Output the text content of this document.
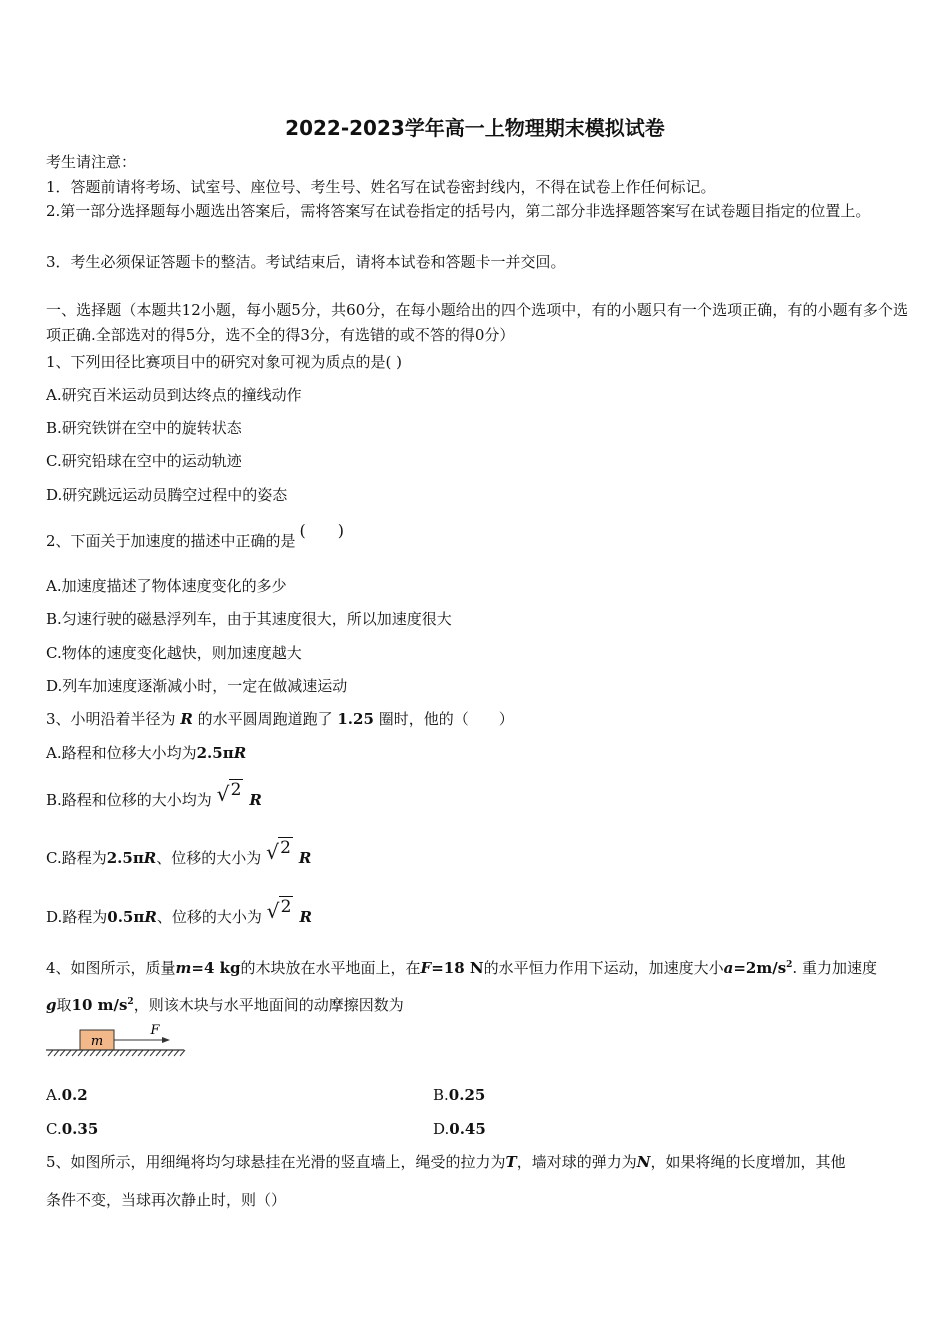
2022-2023学年高一上物理期末模拟试卷
考生请注意：
1．答题前请将考场、试室号、座位号、考生号、姓名写在试卷密封线内，不得在试卷上作任何标记。
2.第一部分选择题每小题选出答案后，需将答案写在试卷指定的括号内，第二部分非选择题答案写在试卷题目指定的位置上。
3．考生必须保证答题卡的整洁。考试结束后，请将本试卷和答题卡一并交回。
一、选择题（本题共12小题，每小题5分，共60分，在每小题给出的四个选项中，有的小题只有一个选项正确，有的小题有多个选项正确.全部选对的得5分，选不全的得3分，有选错的或不答的得0分）
1、下列田径比赛项目中的研究对象可视为质点的是( )
A.研究百米运动员到达终点的撞线动作
B.研究铁饼在空中的旋转状态
C.研究铅球在空中的运动轨迹
D.研究跳远运动员腾空过程中的姿态
2、下面关于加速度的描述中正确的是(　　)
A.加速度描述了物体速度变化的多少
B.匀速行驶的磁悬浮列车，由于其速度很大，所以加速度很大
C.物体的速度变化越快，则加速度越大
D.列车加速度逐渐减小时，一定在做减速运动
3、小明沿着半径为 R 的水平圆周跑道跑了 1.25 圈时，他的（　　）
A.路程和位移大小均为2.5πR
B.路程和位移的大小均为 √ 2 R
C.路程为2.5πR、位移的大小为 √ 2 R
D.路程为0.5πR、位移的大小为 √ 2 R
4、如图所示，质量m=4 kg的木块放在水平地面上，在F=18 N的水平恒力作用下运动，加速度大小$a=2m/s^2$. 重力加速度
g取10 $m/s^2$，则该木块与水平地面间的动摩擦因数为
m
F
A.0.2	B.0.25
C.0.35	D.0.45
5、如图所示，用细绳将均匀球悬挂在光滑的竖直墙上，绳受的拉力为T，墙对球的弹力为N，如果将绳的长度增加，其他
条件不变，当球再次静止时，则（）
